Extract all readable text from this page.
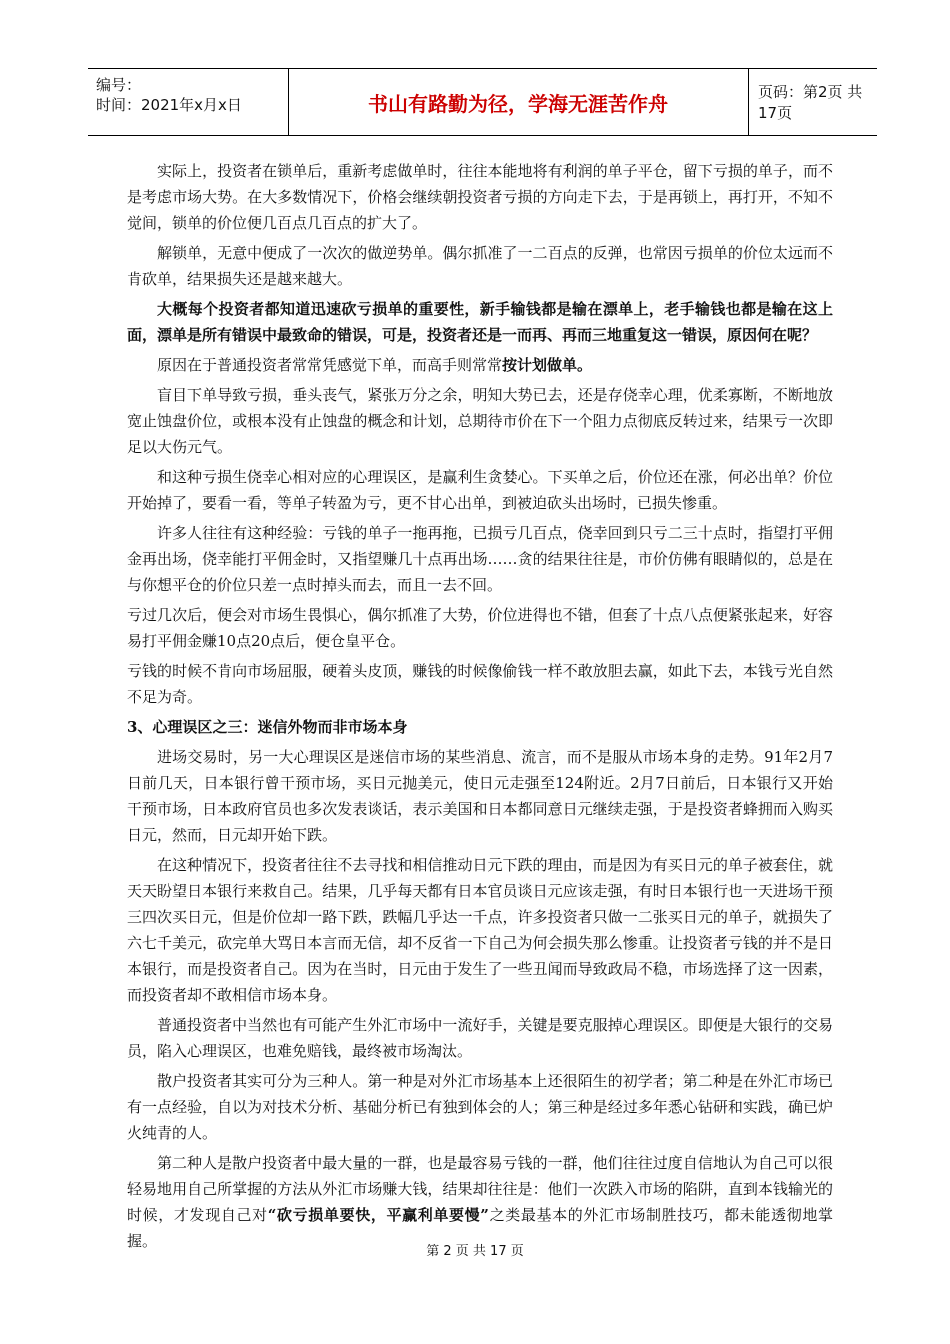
编号：
时间：2021年x月x日	书山有路勤为径，学海无涯苦作舟	页码：第2页 共17页

实际上，投资者在锁单后，重新考虑做单时，往往本能地将有利润的单子平仓，留下亏损的单子，而不是考虑市场大势。在大多数情况下，价格会继续朝投资者亏损的方向走下去，于是再锁上，再打开，不知不觉间，锁单的价位便几百点几百点的扩大了。

解锁单，无意中便成了一次次的做逆势单。偶尔抓准了一二百点的反弹，也常因亏损单的价位太远而不肯砍单，结果损失还是越来越大。

大概每个投资者都知道迅速砍亏损单的重要性，新手输钱都是输在漂单上，老手输钱也都是输在这上面，漂单是所有错误中最致命的错误，可是，投资者还是一而再、再而三地重复这一错误，原因何在呢？

原因在于普通投资者常常凭感觉下单，而高手则常常按计划做单。

盲目下单导致亏损，垂头丧气，紧张万分之余，明知大势已去，还是存侥幸心理，优柔寡断，不断地放宽止蚀盘价位，或根本没有止蚀盘的概念和计划，总期待市价在下一个阻力点彻底反转过来，结果亏一次即足以大伤元气。

和这种亏损生侥幸心相对应的心理误区，是赢利生贪婪心。下买单之后，价位还在涨，何必出单？价位开始掉了，要看一看，等单子转盈为亏，更不甘心出单，到被迫砍头出场时，已损失惨重。

许多人往往有这种经验：亏钱的单子一拖再拖，已损亏几百点，侥幸回到只亏二三十点时，指望打平佣金再出场，侥幸能打平佣金时，又指望赚几十点再出场……贪的结果往往是，市价仿佛有眼睛似的，总是在与你想平仓的价位只差一点时掉头而去，而且一去不回。

亏过几次后，便会对市场生畏惧心，偶尔抓准了大势，价位进得也不错，但套了十点八点便紧张起来，好容易打平佣金赚10点20点后，便仓皇平仓。

亏钱的时候不肯向市场屈服，硬着头皮顶，赚钱的时候像偷钱一样不敢放胆去赢，如此下去，本钱亏光自然不足为奇。

3、心理误区之三：迷信外物而非市场本身

进场交易时，另一大心理误区是迷信市场的某些消息、流言，而不是服从市场本身的走势。91年2月7日前几天，日本银行曾干预市场，买日元抛美元，使日元走强至124附近。2月7日前后，日本银行又开始干预市场，日本政府官员也多次发表谈话，表示美国和日本都同意日元继续走强，于是投资者蜂拥而入购买日元，然而，日元却开始下跌。

在这种情况下，投资者往往不去寻找和相信推动日元下跌的理由，而是因为有买日元的单子被套住，就天天盼望日本银行来救自己。结果，几乎每天都有日本官员谈日元应该走强，有时日本银行也一天进场干预三四次买日元，但是价位却一路下跌，跌幅几乎达一千点，许多投资者只做一二张买日元的单子，就损失了六七千美元，砍完单大骂日本言而无信，却不反省一下自己为何会损失那么惨重。让投资者亏钱的并不是日本银行，而是投资者自己。因为在当时，日元由于发生了一些丑闻而导致政局不稳，市场选择了这一因素，而投资者却不敢相信市场本身。

普通投资者中当然也有可能产生外汇市场中一流好手，关键是要克服掉心理误区。即便是大银行的交易员，陷入心理误区，也难免赔钱，最终被市场淘汰。

散户投资者其实可分为三种人。第一种是对外汇市场基本上还很陌生的初学者；第二种是在外汇市场已有一点经验，自以为对技术分析、基础分析已有独到体会的人；第三种是经过多年悉心钻研和实践，确已炉火纯青的人。

第二种人是散户投资者中最大量的一群，也是最容易亏钱的一群，他们往往过度自信地认为自己可以很轻易地用自己所掌握的方法从外汇市场赚大钱，结果却往往是：他们一次跌入市场的陷阱，直到本钱输光的时候，才发现自己对“砍亏损单要快，平赢利单要慢”之类最基本的外汇市场制胜技巧，都未能透彻地掌握。

第 2 页 共 17 页
